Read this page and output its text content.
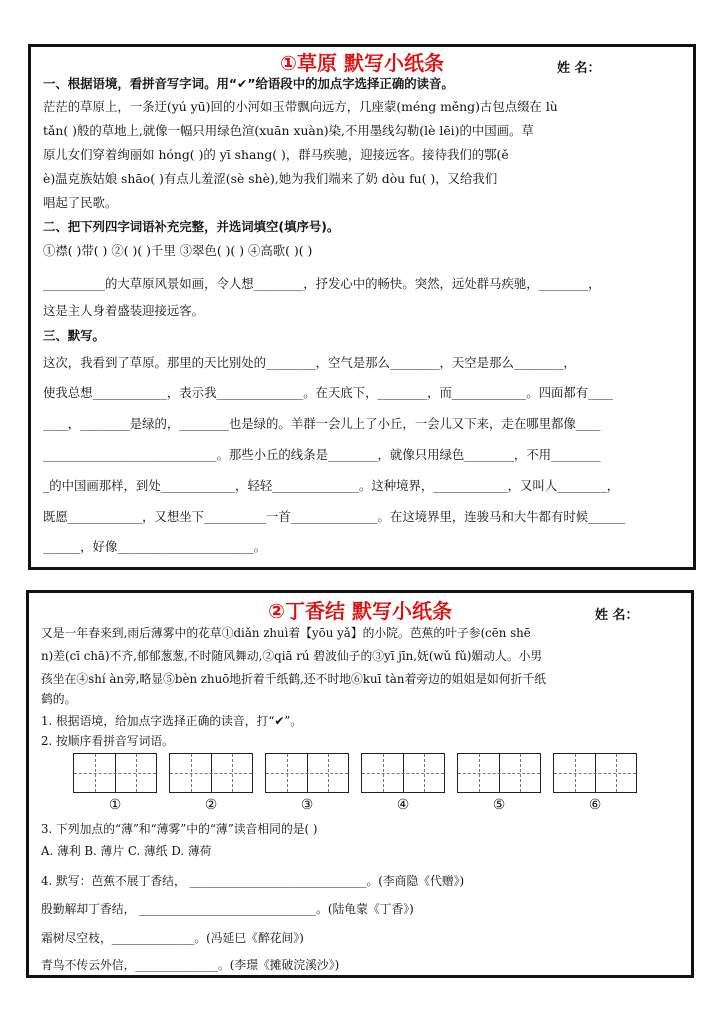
①草原 默写小纸条	姓 名：
一、根据语境，看拼音写字词。用“✔”给语段中的加点字选择正确的读音。
茫茫的草原上，一条迂(yú yū)回的小河如玉带飘向远方，几座蒙(méng měng)古包点缀在 lù
tǎn( )般的草地上,就像一幅只用绿色渲(xuān xuàn)染,不用墨线勾勒(lè lēi)的中国画。草
原儿女们穿着绚丽如 hóng( )的 yī shang( )，群马疾驰，迎接远客。接待我们的鄂(ě
è)温克族姑娘 shāo( )有点儿羞涩(sè shè),她为我们端来了奶 dòu fu( )，又给我们
唱起了民歌。
二、把下列四字词语补充完整，并选词填空(填序号)。
①襟( )带( ) ②( )( )千里 ③翠色( )( ) ④高歌( )( )
__________的大草原风景如画，令人想________，抒发心中的畅快。突然，远处群马疾驰，________，
这是主人身着盛装迎接远客。
三、默写。
这次，我看到了草原。那里的天比别处的________，空气是那么________，天空是那么________，
使我总想____________，表示我______________。在天底下，________，而____________。四面都有____
____，________是绿的，________也是绿的。羊群一会儿上了小丘，一会儿又下来，走在哪里都像____
____________________________。那些小丘的线条是________，就像只用绿色________，不用________
_的中国画那样，到处____________，轻轻______________。这种境界，____________，又叫人________，
既愿____________，又想坐下__________一首______________。在这境界里，连骏马和大牛都有时候______
______，好像______________________。
②丁香结 默写小纸条	姓 名：
又是一年春来到,雨后薄雾中的花草①diǎn zhuì着【yōu yǎ】的小院。芭蕉的叶子参(cēn shē
n)差(cī chā)不齐,郁郁葱葱,不时随风舞动,②qiā rú 碧波仙子的③yī jīn,妩(wǔ fǔ)媚动人。小男
孩坐在④shí àn旁,略显⑤bèn zhuō地折着千纸鹤,还不时地⑥kuī tàn着旁边的姐姐是如何折千纸
鹤的。
1. 根据语境，给加点字选择正确的读音，打“✔”。
2. 按顺序看拼音写词语。
①	②	③	④	⑤	⑥
3. 下列加点的“薄”和“薄雾”中的“薄”读音相同的是( )
A. 薄利 B. 薄片 C. 薄纸 D. 薄荷
4. 默写：芭蕉不展丁香结， ______________________________。(李商隐《代赠》)
殷勤解却丁香结， ______________________________。(陆龟蒙《丁香》)
霜树尽空枝，______________。(冯延巳《醉花间》)
青鸟不传云外信，______________。(李璟《摊破浣溪沙》)
